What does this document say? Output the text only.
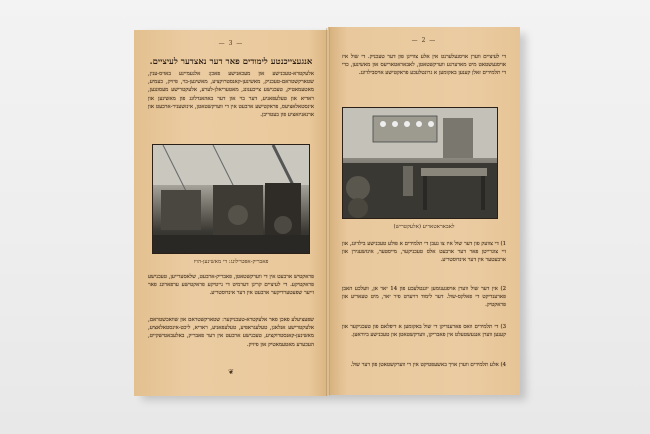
— 3 —
אנגעצייכנטע לימודים פאר דער נאצדער לעיציים.
אלעקטרא-טעכנישע און מעכאנישע פאכן: אלגעמיינע באזיס-ענין, שטארקשטראם-טעכניק, מאשינען-קאנסטרוקציע, מאשינען-בוי, פיזיק, כעמיע, מאטעמאטיק, טעכנישע צייכענונג, מאטעריאלן-לערע, אלעקטרישע מעסונגען, ראדיא און טעלעפאניע, דער בוי און דער באהאנדלונג פון מאשינען און אינסטאלאציעס, פראקטישע ארבעט אין די ווערקשטאטן, אינזשעניר-ארבעט און ארגאניזאציע פון בעטריבן.
פאבריק-אפטיילונג: די מאשינען-הויז
פראקטיש ארבעט אין די ווערקשטאטן, פאבריק-ארבעט, שלאסערייען, טעכנישע פראקטיקע. די לעיציים קריגן דערמיט די נייטיקע פראקטישע ערפארונג פאר זייער שפעטערדיקער ארבעט אין דער אינדוסטריע.
שפעציעלע פאכן פאר אלעקטרא-טעכניקער: שטארקשטראם און שוואכשטראם, אלעקטרישע אנלאגן, טעלעגראפיע, טעלעפאניע, ראדיא, ליכט-אינסטאלאציע, מאשינען-קאנסטרוקציע, טעכנישע ארבעט אין דער פאבריק, באלעבאטישקייט, העכערע מאטעמאטיק און פיזיק.
❦
— 2 —
די לעיציים ווערן אויסגעלערנט אין אלע צווייגן פון דער טעכניק. די שול איז אויסגעשטאט מיט מאדערנע ווערקשטאטן, לאבאראטאריעס און מאשינען, כדי די תלמידים זאלן קענען באקומען א גרונטלעכע פראקטישע אויסבילדונג.
לאבאראטאריע (אלעקטריש)
1) די צוועק פון דער שול איז צו געבן די תלמידים א פולע טעכנישע בילדונג, און זיי צוגרייטן פאר דער ארבעט אלס טעכניקער, מייסטער, אינזשענירן און ארבעטער אין דער אינדוסטריע.
2) אין דער שול ווערן אויפגענומען יוגנטלעכע פון 14 יאר אן, וועלכע האבן פארענדיקט די פאלקס-שול. דער לימוד דויערט פיר יאר, מיט טעאריע און פראקטיק.
3) די תלמידים וואס פארענדיקן די שול באקומען א דיפלאם פון טעכניקער און קענען ווערן אנגעשטעלט אין פאבריקן, ווערקשטאטן און טעכנישע ביוראען.
4) אלע תלמידים ווערן אויך באשעפטיקט אין די ווערקשטאטן פון דער שול.
